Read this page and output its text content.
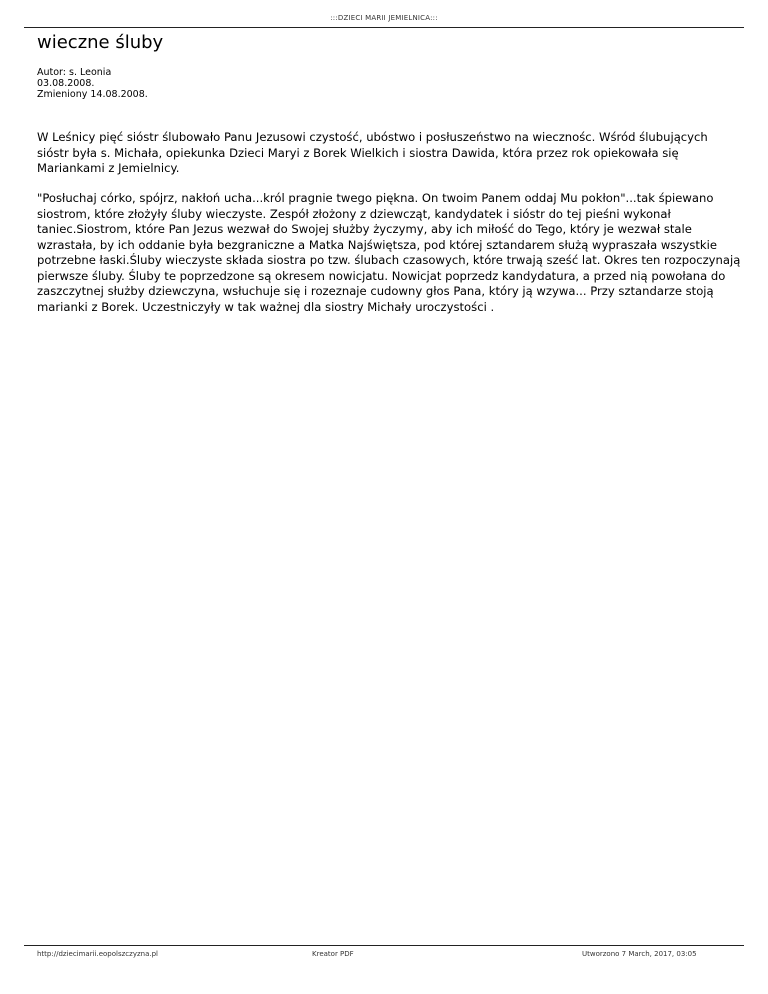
:::DZIECI MARII JEMIELNICA:::
wieczne śluby
Autor: s. Leonia
03.08.2008.
Zmieniony 14.08.2008.

W Leśnicy pięć sióstr ślubowało Panu Jezusowi czystość, ubóstwo i posłuszeństwo na wiecznośc. Wśród ślubujących sióstr była s. Michała, opiekunka Dzieci Maryi z Borek Wielkich i siostra Dawida, która przez rok opiekowała się Mariankami z Jemielnicy.

"Posłuchaj córko, spójrz, nakłoń ucha...król pragnie twego piękna. On twoim Panem oddaj Mu pokłon"...tak śpiewano siostrom, które złożyły śluby wieczyste. Zespół złożony z dziewcząt, kandydatek i sióstr do tej pieśni wykonał taniec.Siostrom, które Pan Jezus wezwał do Swojej służby życzymy, aby ich miłość do Tego, który je wezwał stale wzrastała, by ich oddanie była bezgraniczne a Matka Najświętsza, pod której sztandarem służą wypraszała wszystkie potrzebne łaski.Śluby wieczyste składa siostra po tzw. ślubach czasowych, które trwają sześć lat. Okres ten rozpoczynają pierwsze śluby. Śluby te poprzedzone są okresem nowicjatu. Nowicjat poprzedz kandydatura, a przed nią powołana do zaszczytnej służby dziewczyna, wsłuchuje się i rozeznaje cudowny głos Pana, który ją wzywa... Przy sztandarze stoją marianki z Borek. Uczestniczyły w tak ważnej dla siostry Michały uroczystości .

http://dziecimarii.eopolszczyzna.pl	Kreator PDF	Utworzono 7 March, 2017, 03:05
